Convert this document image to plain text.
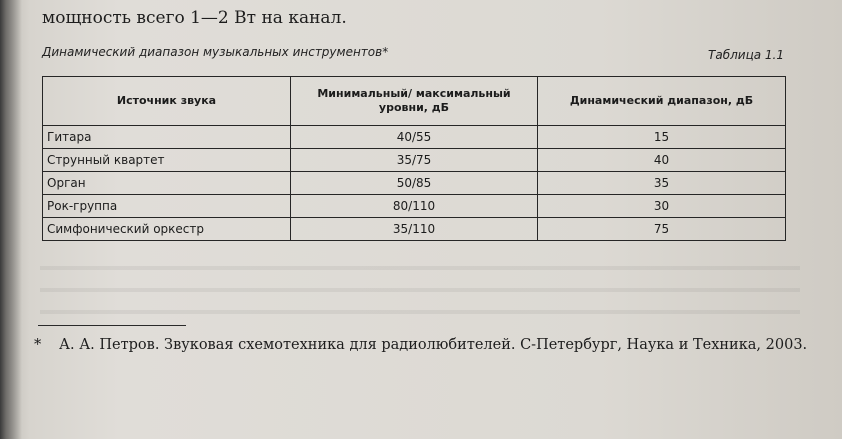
мощность всего 1—2 Вт на канал.
Динамический диапазон музыкальных инструментов*	Таблица 1.1
Источник звука	Минимальный/ максимальный уровни, дБ	Динамический диапазон, дБ
Гитара	40/55	15
Струнный квартет	35/75	40
Орган	50/85	35
Рок-группа	80/110	30
Симфонический оркестр	35/110	75
* А. А. Петров. Звуковая схемотехника для радиолюбителей. С-Петербург, Наука и Техника, 2003.
